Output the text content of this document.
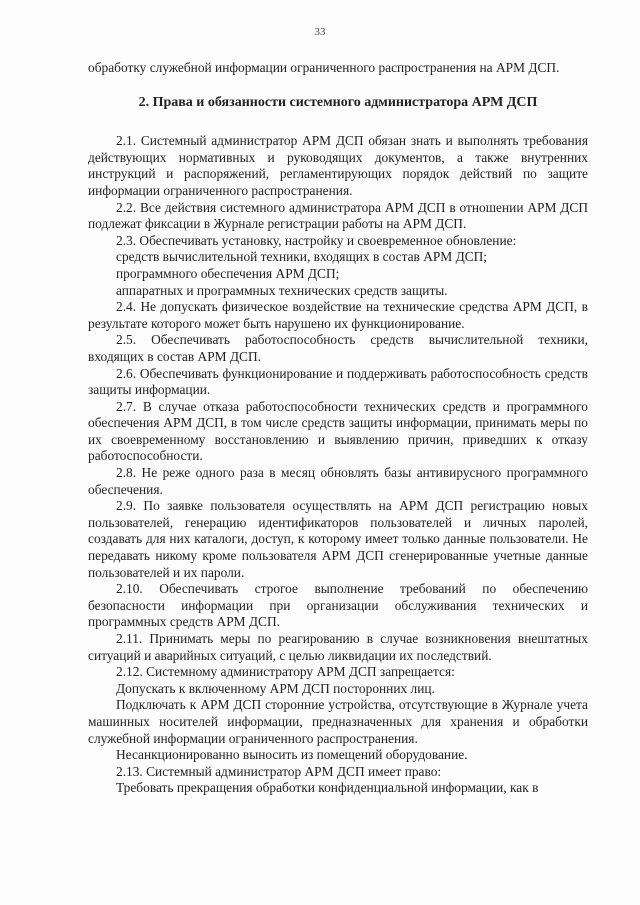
33

обработку служебной информации ограниченного распространения на АРМ ДСП.

2. Права и обязанности системного администратора АРМ ДСП

2.1. Системный администратор АРМ ДСП обязан знать и выполнять требования действующих нормативных и руководящих документов, а также внутренних инструкций и распоряжений, регламентирующих порядок действий по защите информации ограниченного распространения.

2.2. Все действия системного администратора АРМ ДСП в отношении АРМ ДСП подлежат фиксации в Журнале регистрации работы на АРМ ДСП.

2.3. Обеспечивать установку, настройку и своевременное обновление:

средств вычислительной техники, входящих в состав АРМ ДСП;

программного обеспечения АРМ ДСП;

аппаратных и программных технических средств защиты.

2.4. Не допускать физическое воздействие на технические средства АРМ ДСП, в результате которого может быть нарушено их функционирование.

2.5. Обеспечивать работоспособность средств вычислительной техники, входящих в состав АРМ ДСП.

2.6. Обеспечивать функционирование и поддерживать работоспособность средств защиты информации.

2.7. В случае отказа работоспособности технических средств и программного обеспечения АРМ ДСП, в том числе средств защиты информации, принимать меры по их своевременному восстановлению и выявлению причин, приведших к отказу работоспособности.

2.8. Не реже одного раза в месяц обновлять базы антивирусного программного обеспечения.

2.9. По заявке пользователя осуществлять на АРМ ДСП регистрацию новых пользователей, генерацию идентификаторов пользователей и личных паролей, создавать для них каталоги, доступ, к которому имеет только данные пользователи. Не передавать никому кроме пользователя АРМ ДСП сгенерированные учетные данные пользователей и их пароли.

2.10. Обеспечивать строгое выполнение требований по обеспечению безопасности информации при организации обслуживания технических и программных средств АРМ ДСП.

2.11. Принимать меры по реагированию в случае возникновения внештатных ситуаций и аварийных ситуаций, с целью ликвидации их последствий.

2.12. Системному администратору АРМ ДСП запрещается:

Допускать к включенному АРМ ДСП посторонних лиц.

Подключать к АРМ ДСП сторонние устройства, отсутствующие в Журнале учета машинных носителей информации, предназначенных для хранения и обработки служебной информации ограниченного распространения.

Несанкционированно выносить из помещений оборудование.

2.13. Системный администратор АРМ ДСП имеет право:

Требовать прекращения обработки конфиденциальной информации, как в
